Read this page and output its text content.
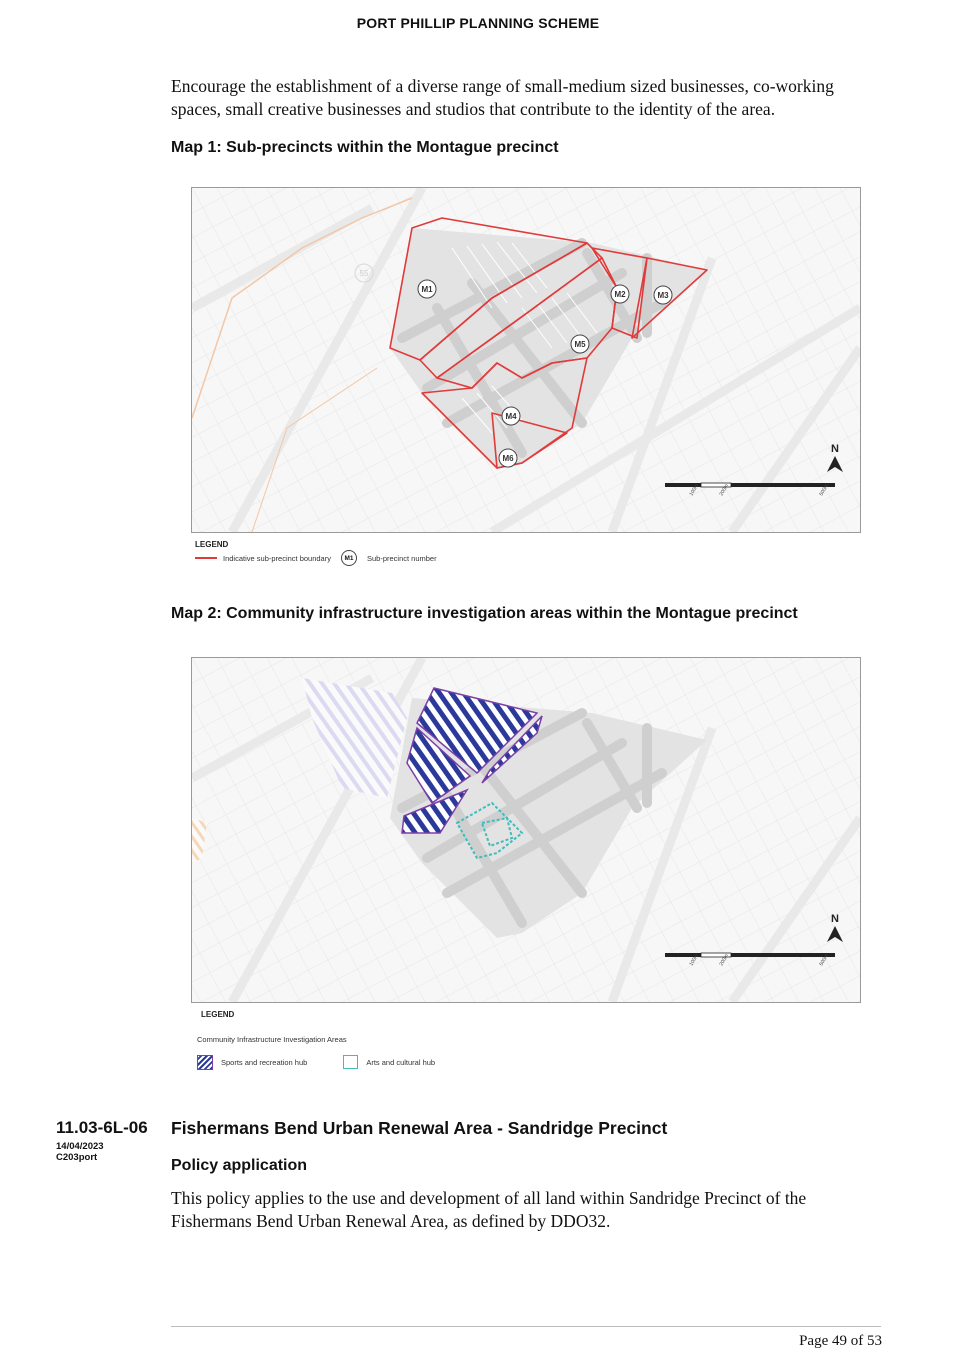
PORT PHILLIP PLANNING SCHEME
Encourage the establishment of a diverse range of small-medium sized businesses, co-working spaces, small creative businesses and studios that contribute to the identity of the area.
Map 1: Sub-precincts within the Montague precinct
M1
M2	M3
M4
M5
M6
55
N
100m	200m	500m
LEGEND
Indicative sub-precinct boundary	M1	Sub-precinct number
Map 2: Community infrastructure investigation areas within the Montague precinct
N
100m	200m	500m
LEGEND
Community Infrastructure Investigation Areas
Sports and recreation hub	Arts and cultural hub
11.03-6L-06
14/04/2023
C203port
Fishermans Bend Urban Renewal Area - Sandridge Precinct
Policy application
This policy applies to the use and development of all land within Sandridge Precinct of the Fishermans Bend Urban Renewal Area, as defined by DDO32.
Page 49 of 53
